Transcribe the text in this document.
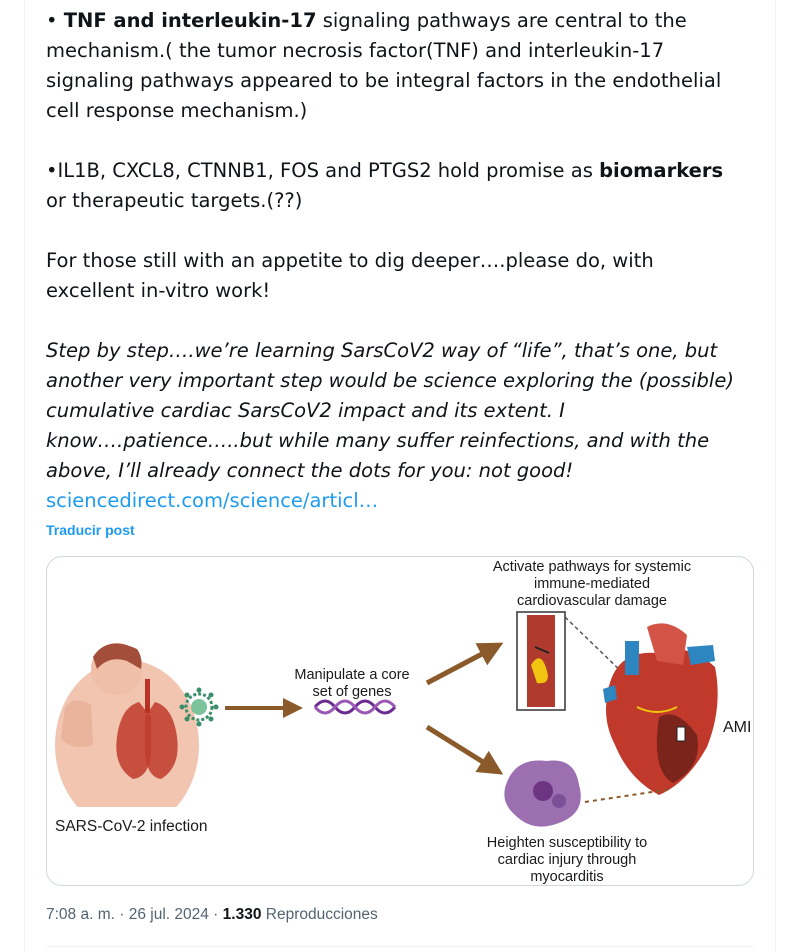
• TNF and interleukin-17 signaling pathways are central to the mechanism.( the tumor necrosis factor(TNF) and interleukin-17 signaling pathways appeared to be integral factors in the endothelial cell response mechanism.)

•IL1B, CXCL8, CTNNB1, FOS and PTGS2 hold promise as biomarkers or therapeutic targets.(??)

For those still with an appetite to dig deeper….please do, with excellent in-vitro work!

Step by step….we’re learning SarsCoV2 way of “life”, that’s one, but another very important step would be science exploring the (possible) cumulative cardiac SarsCoV2 impact and its extent. I know….patience…..but while many suffer reinfections, and with the above, I’ll already connect the dots for you: not good!

sciencedirect.com/science/articl…
Traducir post
Activate pathways for systemic
immune-mediated
cardiovascular damage
Manipulate a core
set of genes
SARS-CoV-2 infection
AMI
Heighten susceptibility to
cardiac injury through
myocarditis
7:08 a. m. · 26 jul. 2024 · 1.330 Reproducciones
